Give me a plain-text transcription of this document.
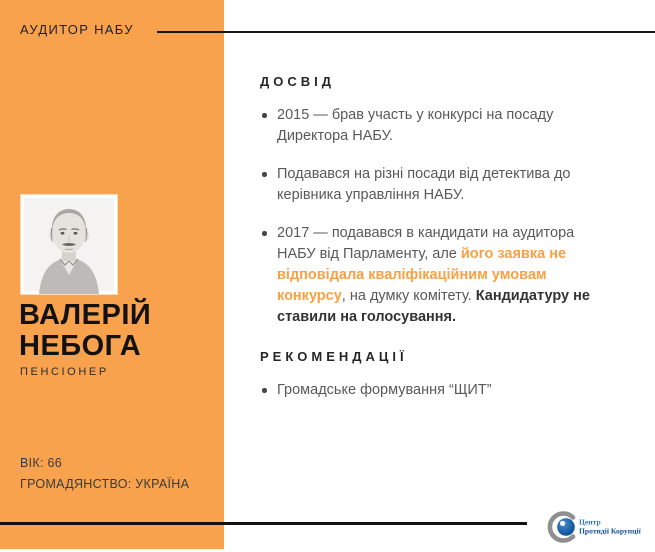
АУДИТОР НАБУ
ВАЛЕРІЙ
НЕБОГА
ПЕНСІОНЕР
ВІК: 66
ГРОМАДЯНСТВО: УКРАЇНА
ДОСВІД
2015 — брав участь у конкурсі на посаду Директора НАБУ.
Подавався на різні посади від детектива до керівника управління НАБУ.
2017 — подавався в кандидати на аудитора НАБУ від Парламенту, але його заявка не відповідала кваліфікаційним умовам конкурсу, на думку комітету. Кандидатуру не ставили на голосування.
РЕКОМЕНДАЦІЇ
Громадське формування “ЩИТ”
Центр
Протидії Корупції
